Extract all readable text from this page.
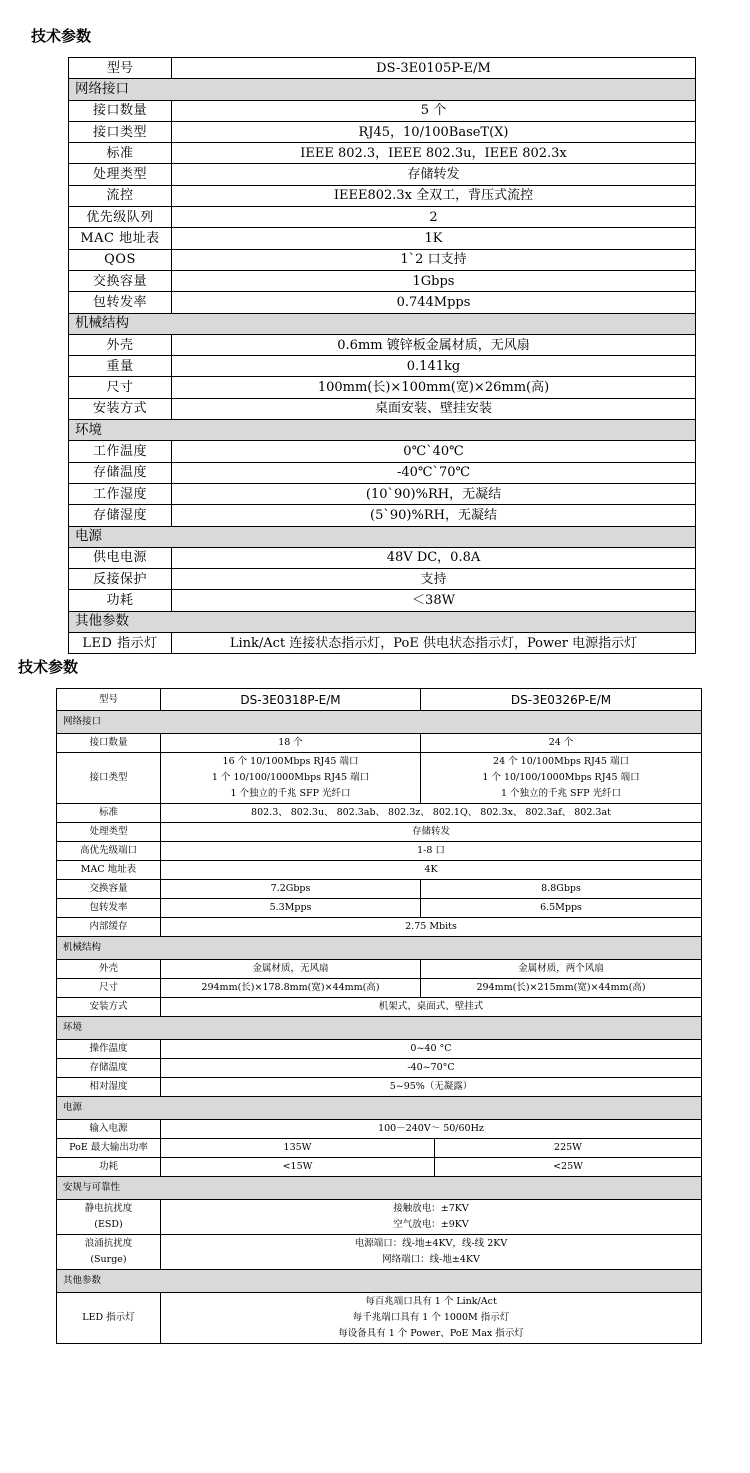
技术参数
型号	DS-3E0105P-E/M
网络接口	
接口数量	5 个
接口类型	RJ45，10/100BaseT(X)
标准	IEEE 802.3，IEEE 802.3u，IEEE 802.3x
处理类型	存储转发
流控	IEEE802.3x 全双工，背压式流控
优先级队列	2
MAC 地址表	1K
QOS	1`2 口支持
交换容量	1Gbps
包转发率	0.744Mpps
机械结构	
外壳	0.6mm 镀锌板金属材质，无风扇
重量	0.141kg
尺寸	100mm(长)×100mm(宽)×26mm(高)
安装方式	桌面安装、壁挂安装
环境	
工作温度	0℃`40℃
存储温度	-40℃`70℃
工作湿度	(10`90)%RH，无凝结
存储湿度	(5`90)%RH，无凝结
电源	
供电电源	48V DC，0.8A
反接保护	支持
功耗	＜38W
其他参数	
LED 指示灯	Link/Act 连接状态指示灯，PoE 供电状态指示灯，Power 电源指示灯
技术参数
型号	DS-3E0318P-E/M	DS-3E0326P-E/M	
网络接口			
接口数量	18 个	24 个	
接口类型	16 个 10/100Mbps RJ45 端口
1 个 10/100/1000Mbps RJ45 端口
1 个独立的千兆 SFP 光纤口	24 个 10/100Mbps RJ45 端口
1 个 10/100/1000Mbps RJ45 端口
1 个独立的千兆 SFP 光纤口	

标准	802.3、 802.3u、 802.3ab、 802.3z、 802.1Q、 802.3x、 802.3af、 802.3at		
处理类型	存储转发		
高优先级端口	1-8 口		
MAC 地址表	4K		
交换容量	7.2Gbps	8.8Gbps	
包转发率	5.3Mpps	6.5Mpps	
内部缓存	2.75 Mbits		
机械结构			
外壳	金属材质，无风扇	金属材质，两个风扇	
尺寸	294mm(长)×178.8mm(宽)×44mm(高)	294mm(长)×215mm(宽)×44mm(高)	
安装方式	机架式、桌面式、壁挂式		
环境			
操作温度	0~40 °C		
存储温度	-40~70°C		
相对湿度	5~95%（无凝露）		
电源			
输入电源	100－240V～ 50/60Hz		
PoE 最大输出功率	135W		225W
功耗	<15W		<25W
安规与可靠性			

静电抗扰度
(ESD)	接触放电：±7KV
空气放电：±9KV		

浪涌抗扰度
(Surge)	电源端口：线-地±4KV，线-线 2KV
网络端口：线-地±4KV		

其他参数			
LED 指示灯	每百兆端口具有 1 个 Link/Act
每千兆端口具有 1 个 1000M 指示灯
每设备具有 1 个 Power、PoE Max 指示灯		
